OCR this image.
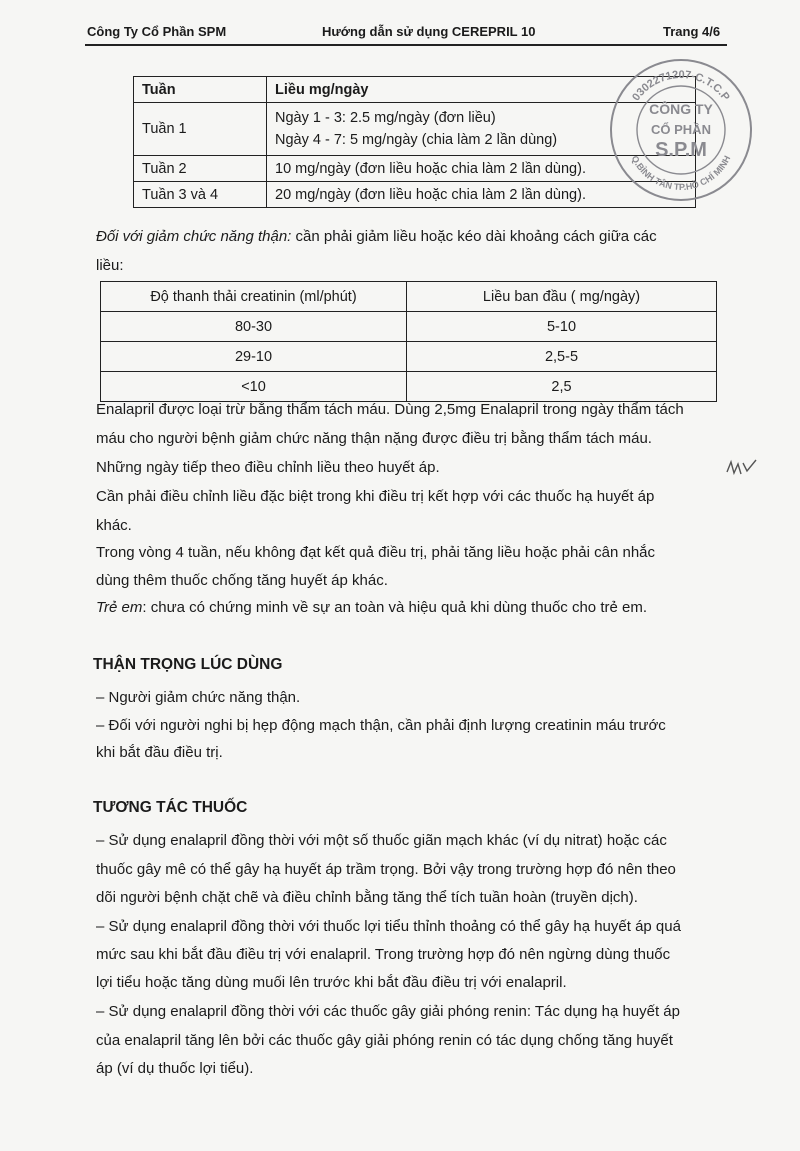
Công Ty Cổ Phần SPM	Hướng dẫn sử dụng CEREPRIL 10	Trang 4/6
Tuần	Liều mg/ngày
Tuần 1	Ngày 1 - 3: 2.5 mg/ngày (đơn liều)
Ngày 4 - 7: 5 mg/ngày (chia làm 2 lần dùng)

Tuần 2	10 mg/ngày (đơn liều hoặc chia làm 2 lần dùng).
Tuần 3 và 4	20 mg/ngày (đơn liều hoặc chia làm 2 lần dùng).
Đối với giảm chức năng thận: cần phải giảm liều hoặc kéo dài khoảng cách giữa các
liều:
Độ thanh thải creatinin (ml/phút)	Liều ban đầu ( mg/ngày)
80-30	5-10
29-10	2,5-5
<10	2,5
Enalapril được loại trừ bằng thẩm tách máu. Dùng 2,5mg Enalapril trong ngày thẩm tách
máu cho người bệnh giảm chức năng thận nặng được điều trị bằng thẩm tách máu.
Những ngày tiếp theo điều chỉnh liều theo huyết áp.
Cần phải điều chỉnh liều đặc biệt trong khi điều trị kết hợp với các thuốc hạ huyết áp
khác.
Trong vòng 4 tuần, nếu không đạt kết quả điều trị, phải tăng liều hoặc phải cân nhắc
dùng thêm thuốc chống tăng huyết áp khác.
Trẻ em: chưa có chứng minh về sự an toàn và hiệu quả khi dùng thuốc cho trẻ em.
THẬN TRỌNG LÚC DÙNG
– Người giảm chức năng thận.
– Đối với người nghi bị hẹp động mạch thận, cần phải định lượng creatinin máu trước
khi bắt đầu điều trị.
TƯƠNG TÁC THUỐC
– Sử dụng enalapril đồng thời với một số thuốc giãn mạch khác (ví dụ nitrat) hoặc các
thuốc gây mê có thể gây hạ huyết áp trầm trọng. Bởi vậy trong trường hợp đó nên theo
dõi người bệnh chặt chẽ và điều chỉnh bằng tăng thể tích tuần hoàn (truyền dịch).
– Sử dụng enalapril đồng thời với thuốc lợi tiểu thỉnh thoảng có thể gây hạ huyết áp quá
mức sau khi bắt đầu điều trị với enalapril. Trong trường hợp đó nên ngừng dùng thuốc
lợi tiểu hoặc tăng dùng muối lên trước khi bắt đầu điều trị với enalapril.
– Sử dụng enalapril đồng thời với các thuốc gây giải phóng renin: Tác dụng hạ huyết áp
của enalapril tăng lên bởi các thuốc gây giải phóng renin có tác dụng chống tăng huyết
áp (ví dụ thuốc lợi tiểu).
0302271207-C.T.C.P
Q.BÌNH TÂN TP.HỒ CHÍ MINH
CÔNG TY
CỔ PHẦN
S.P.M
